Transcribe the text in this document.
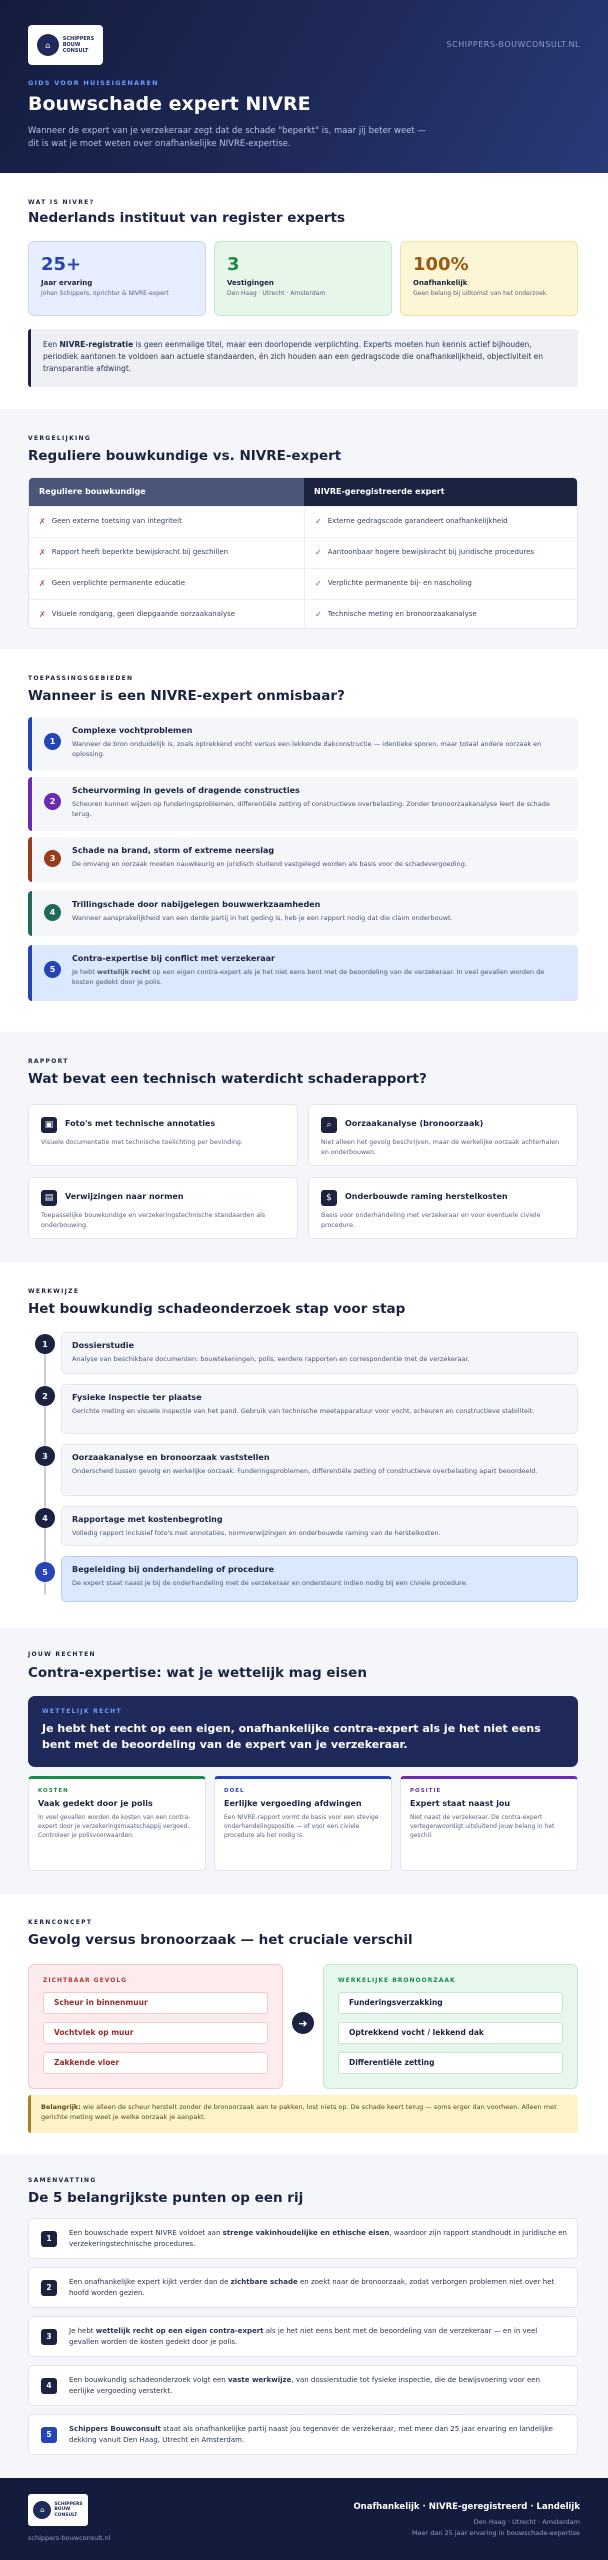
⌂
SCHIPPERS
BOUW
CONSULT
SCHIPPERS-BOUWCONSULT.NL
GIDS VOOR HUISEIGENAREN
Bouwschade expert NIVRE
Wanneer de expert van je verzekeraar zegt dat de schade "beperkt" is, maar jij beter weet — dit is wat je moet weten over onafhankelijke NIVRE-expertise.
WAT IS NIVRE?
Nederlands instituut van register experts
25+
Jaar ervaring
Johan Schippers, oprichter & NIVRE-expert
3
Vestigingen
Den Haag · Utrecht · Amsterdam
100%
Onafhankelijk
Geen belang bij uitkomst van het onderzoek
Een NIVRE-registratie is geen eenmalige titel, maar een doorlopende verplichting. Experts moeten hun kennis actief bijhouden, periodiek aantonen te voldoen aan actuele standaarden, én zich houden aan een gedragscode die onafhankelijkheid, objectiviteit en transparantie afdwingt.
VERGELIJKING
Reguliere bouwkundige vs. NIVRE-expert
Reguliere bouwkundige	NIVRE-geregistreerde expert
✗ Geen externe toetsing van integriteit	✓ Externe gedragscode garandeert onafhankelijkheid
✗ Rapport heeft beperkte bewijskracht bij geschillen	✓ Aantoonbaar hogere bewijskracht bij juridische procedures
✗ Geen verplichte permanente educatie	✓ Verplichte permanente bij- en nascholing
✗ Visuele rondgang, geen diepgaande oorzaakanalyse	✓ Technische meting en bronoorzaakanalyse
TOEPASSINGSGEBIEDEN
Wanneer is een NIVRE-expert onmisbaar?
1
Complexe vochtproblemen
Wanneer de bron onduidelijk is, zoals optrekkend vocht versus een lekkende dakconstructie — identieke sporen, maar totaal andere oorzaak en oplossing.
2
Scheurvorming in gevels of dragende constructies
Scheuren kunnen wijzen op funderingsproblemen, differentiële zetting of constructieve overbelasting. Zonder bronoorzaakanalyse leert de schade terug.
3
Schade na brand, storm of extreme neerslag
De omvang en oorzaak moeten nauwkeurig en juridisch sluitend vastgelegd worden als basis voor de schadevergoeding.
4
Trillingschade door nabijgelegen bouwwerkzaamheden
Wanneer aansprakelijkheid van een derde partij in het geding is, heb je een rapport nodig dat die claim onderbouwt.
5
Contra-expertise bij conflict met verzekeraar
Je hebt wettelijk recht op een eigen contra-expert als je het niet eens bent met de beoordeling van de verzekeraar. In veel gevallen worden de kosten gedekt door je polis.
RAPPORT
Wat bevat een technisch waterdicht schaderapport?
▣	Foto's met technische annotaties
Visuele documentatie met technische toelichting per bevinding.
⌕	Oorzaakanalyse (bronoorzaak)
Niet alleen het gevolg beschrijven, maar de werkelijke oorzaak achterhalen en onderbouwen.
▤	Verwijzingen naar normen
Toepasselijke bouwkundige en verzekeringstechnische standaarden als onderbouwing.
$	Onderbouwde raming herstelkosten
Basis voor onderhandeling met verzekeraar en voor eventuele civiele procedure.
WERKWIJZE
Het bouwkundig schadeonderzoek stap voor stap
1	Dossierstudie
Analyse van beschikbare documenten: bouwtekeningen, polis, eerdere rapporten en correspondentie met de verzekeraar.
2	Fysieke inspectie ter plaatse
Gerichte meting en visuele inspectie van het pand. Gebruik van technische meetapparatuur voor vocht, scheuren en constructieve stabiliteit.
3	Oorzaakanalyse en bronoorzaak vaststellen
Onderscheid tussen gevolg en werkelijke oorzaak. Funderingsproblemen, differentiële zetting of constructieve overbelasting apart beoordeeld.
4	Rapportage met kostenbegroting
Volledig rapport inclusief foto's met annotaties, normverwijzingen en onderbouwde raming van de herstelkosten.
5	Begeleiding bij onderhandeling of procedure
De expert staat naast je bij de onderhandeling met de verzekeraar en ondersteunt indien nodig bij een civiele procedure.
JOUW RECHTEN
Contra-expertise: wat je wettelijk mag eisen
WETTELIJK RECHT
Je hebt het recht op een eigen, onafhankelijke contra-expert als je het niet eens bent met de beoordeling van de expert van je verzekeraar.
KOSTEN
Vaak gedekt door je polis
In veel gevallen worden de kosten van een contra-expert door je verzekeringsmaatschappij vergoed. Controleer je polisvoorwaarden.
DOEL
Eerlijke vergoeding afdwingen
Een NIVRE-rapport vormt de basis voor een stevige onderhandelingspositie — of voor een civiele procedure als het nodig is.
POSITIE
Expert staat naast jou
Niet naast de verzekeraar. De contra-expert vertegenwoordigt uitsluitend jouw belang in het geschil.
KERNCONCEPT
Gevolg versus bronoorzaak — het cruciale verschil
ZICHTBAAR GEVOLG
Scheur in binnenmuur
Vochtvlek op muur
Zakkende vloer
➜
WERKELIJKE BRONOORZAAK
Funderingsverzakking
Optrekkend vocht / lekkend dak
Differentiële zetting
Belangrijk: wie alleen de scheur herstelt zonder de bronoorzaak aan te pakken, lost niets op. De schade keert terug — soms erger dan voorheen. Alleen met gerichte meting weet je welke oorzaak je aanpakt.
SAMENVATTING
De 5 belangrijkste punten op een rij
1
Een bouwschade expert NIVRE voldoet aan strenge vakinhoudelijke en ethische eisen, waardoor zijn rapport standhoudt in juridische en verzekeringstechnische procedures.
2
Een onafhankelijke expert kijkt verder dan de zichtbare schade en zoekt naar de bronoorzaak, zodat verborgen problemen niet over het hoofd worden gezien.
3
Je hebt wettelijk recht op een eigen contra-expert als je het niet eens bent met de beoordeling van de verzekeraar — en in veel gevallen worden de kosten gedekt door je polis.
4
Een bouwkundig schadeonderzoek volgt een vaste werkwijze, van dossierstudie tot fysieke inspectie, die de bewijsvoering voor een eerlijke vergoeding versterkt.
5
Schippers Bouwconsult staat als onafhankelijke partij naast jou tegenover de verzekeraar, met meer dan 25 jaar ervaring en landelijke dekking vanuit Den Haag, Utrecht en Amsterdam.
⌂
SCHIPPERS
BOUW
CONSULT
schippers-bouwconsult.nl
Onafhankelijk · NIVRE-geregistreerd · Landelijk
Den Haag · Utrecht · Amsterdam
Meer dan 25 jaar ervaring in bouwschade-expertise
